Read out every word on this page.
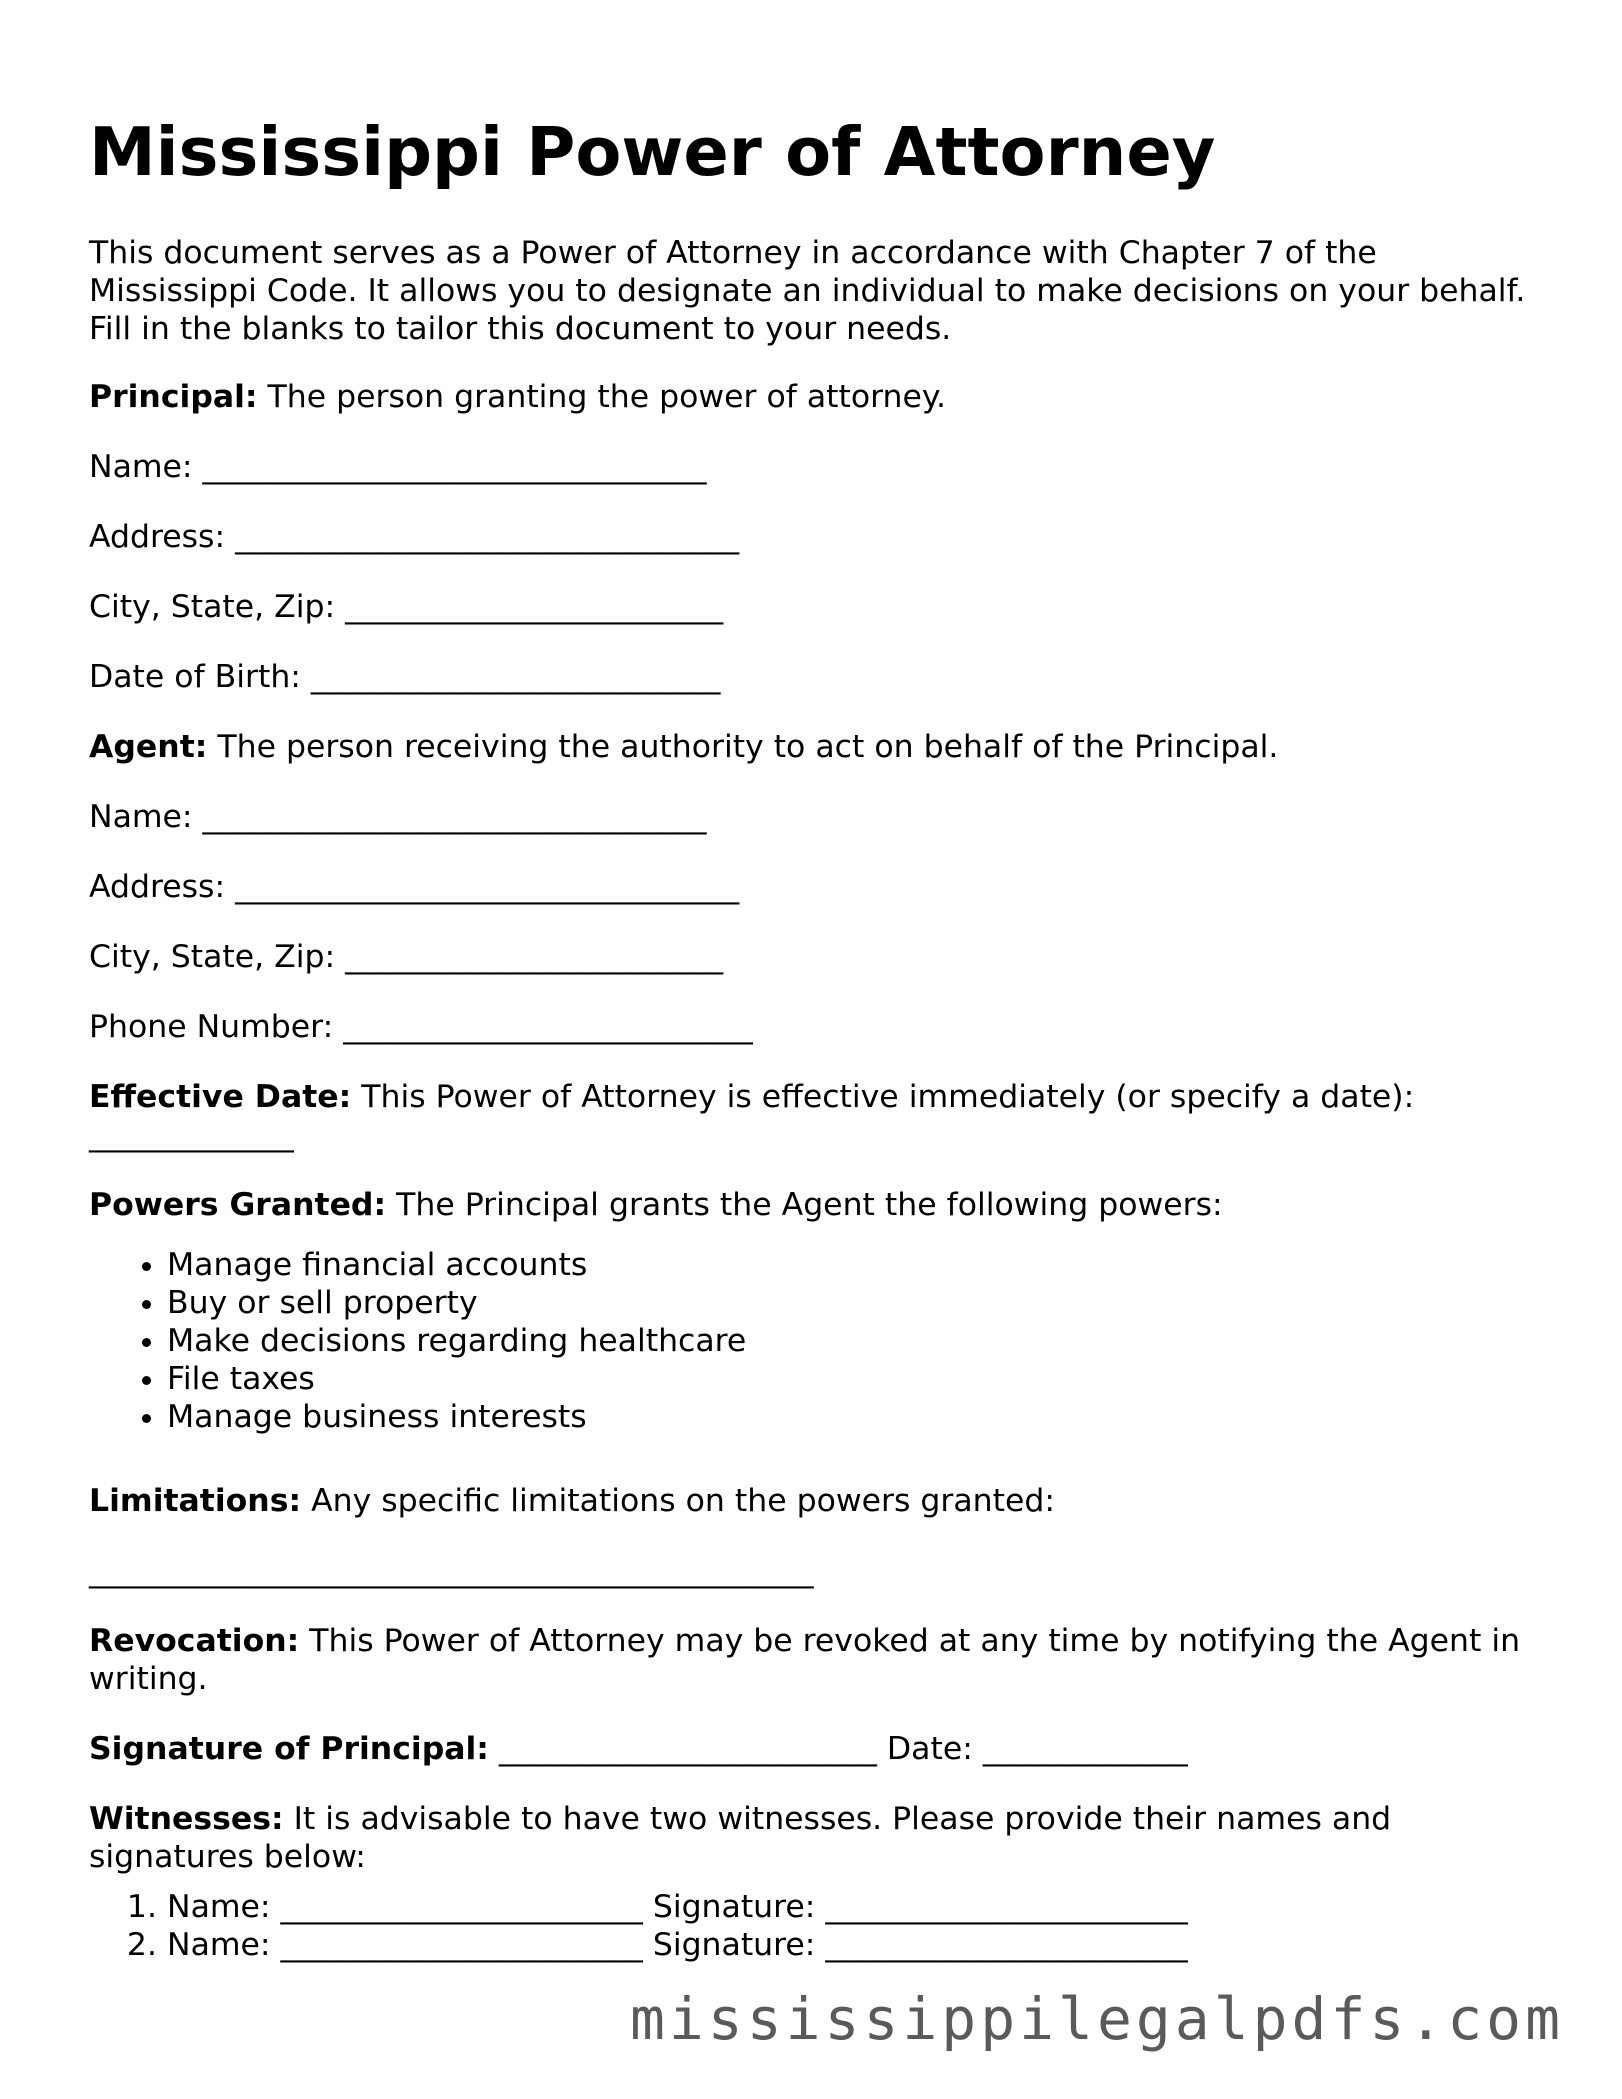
Mississippi Power of Attorney

This document serves as a Power of Attorney in accordance with Chapter 7 of the Mississippi Code. It allows you to designate an individual to make decisions on your behalf. Fill in the blanks to tailor this document to your needs.

Principal: The person granting the power of attorney.

Name: ________________________________

Address: ________________________________

City, State, Zip: ________________________

Date of Birth: __________________________

Agent: The person receiving the authority to act on behalf of the Principal.

Name: ________________________________

Address: ________________________________

City, State, Zip: ________________________

Phone Number: __________________________

Effective Date: This Power of Attorney is effective immediately (or specify a date):

_____________

Powers Granted: The Principal grants the Agent the following powers:

• Manage financial accounts
• Buy or sell property
• Make decisions regarding healthcare
• File taxes
• Manage business interests

Limitations: Any specific limitations on the powers granted:

______________________________________________

Revocation: This Power of Attorney may be revoked at any time by notifying the Agent in writing.

Signature of Principal: ________________________ Date: _____________

Witnesses: It is advisable to have two witnesses. Please provide their names and signatures below:

1. Name: _______________________ Signature: _______________________
2. Name: _______________________ Signature: _______________________
mississippilegalpdfs.com
